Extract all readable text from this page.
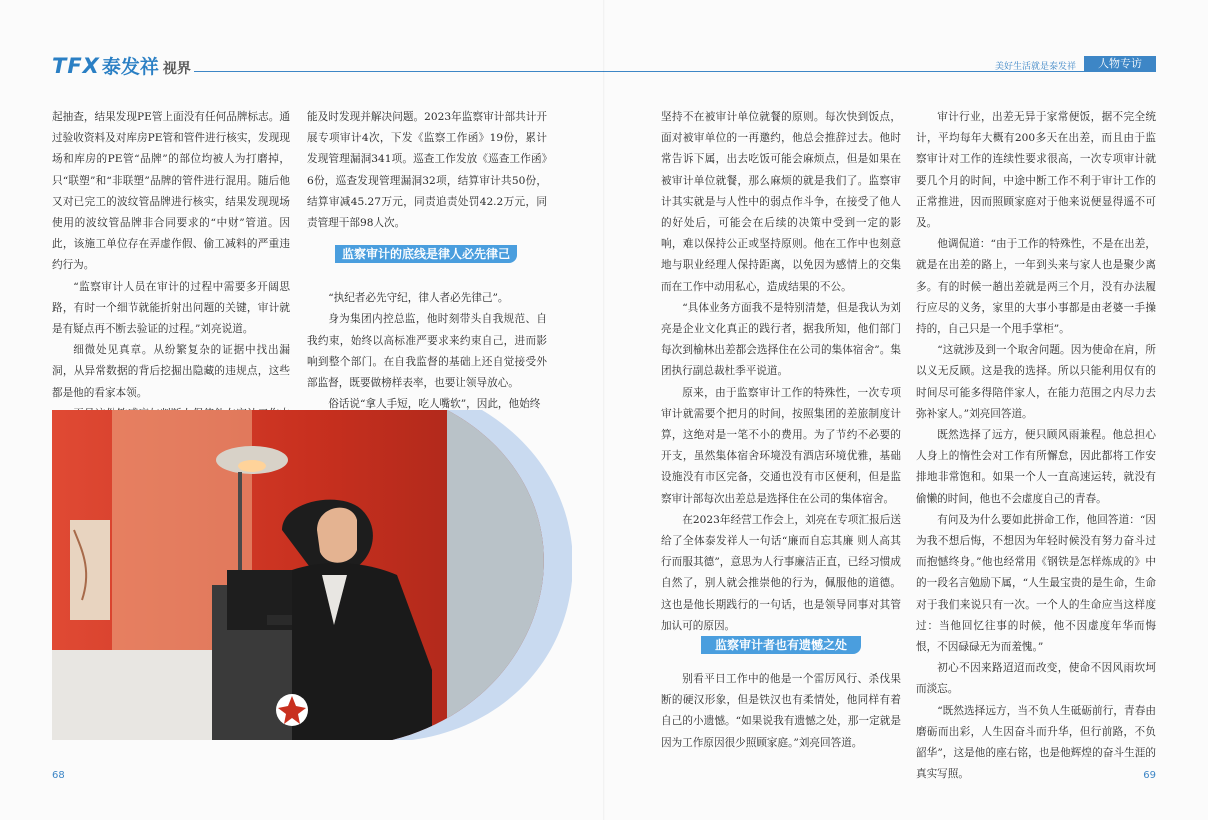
TFX 泰发祥 视界

起抽查，结果发现PE管上面没有任何品牌标志。通过验收资料及对库房PE管和管件进行核实，发现现场和库房的PE管“品牌”的部位均被人为打磨掉，只“联塑”和“非联塑”品牌的管件进行混用。随后他又对已完工的波纹管品牌进行核实，结果发现现场使用的波纹管品牌非合同要求的“中财”管道。因此，该施工单位存在弄虚作假、偷工减料的严重违约行为。

“监察审计人员在审计的过程中需要多开阔思路，有时一个细节就能折射出问题的关键，审计就是有疑点再不断去验证的过程。”刘亮说道。

细微处见真章。从纷繁复杂的证据中找出漏洞，从异常数据的背后挖掘出隐藏的违规点，这些都是他的看家本领。

能及时发现并解决问题。2023年监察审计部共计开展专项审计4次，下发《监察工作函》19份，累计发现管理漏洞341项。巡查工作发放《巡查工作函》6份，巡查发现管理漏洞32项，结算审计共50份，结算审减45.27万元，同责追责处罚42.2万元，同责管理干部98人次。

“执纪者必先守纪，律人者必先律己”。

身为集团内控总监，他时刻带头自我规范、自我约束，始终以高标准严要求来约束自己，进而影响到整个部门。在自我监督的基础上还自觉接受外部监督，既要做榜样表率，也要让领导放心。

俗话说“拿人手短，吃人嘴软”，因此，他始终

监察审计的底线是律人必先律己
68
美好生活就是泰发祥	人物专访

坚持不在被审计单位就餐的原则。每次快到饭点，面对被审单位的一再邀约，他总会推辞过去。他时常告诉下属，出去吃饭可能会麻烦点，但是如果在被审计单位就餐，那么麻烦的就是我们了。监察审计其实就是与人性中的弱点作斗争，在接受了他人的好处后，可能会在后续的决策中受到一定的影响，难以保持公正或坚持原则。他在工作中也刻意地与职业经理人保持距离，以免因为感情上的交集而在工作中动用私心，造成结果的不公。

“具体业务方面我不是特别清楚，但是我认为刘亮是企业文化真正的践行者，据我所知，他们部门每次到榆林出差都会选择住在公司的集体宿舍”。集团执行副总裁杜季平说道。

原来，由于监察审计工作的特殊性，一次专项审计就需要个把月的时间，按照集团的差旅制度计算，这绝对是一笔不小的费用。为了节约不必要的开支，虽然集体宿舍环境没有酒店环境优雅，基础设施没有市区完备，交通也没有市区便利，但是监察审计部每次出差总是选择住在公司的集体宿舍。

在2023年经营工作会上，刘亮在专项汇报后送给了全体泰发祥人一句话“廉而自忘其廉 则人高其行而服其德”，意思为人行事廉洁正直，已经习惯成自然了，别人就会推崇他的行为，佩服他的道德。这也是他长期践行的一句话，也是领导同事对其管加认可的原因。

别看平日工作中的他是一个雷厉风行、杀伐果断的硬汉形象，但是铁汉也有柔情处，他同样有着自己的小遗憾。“如果说我有遗憾之处，那一定就是因为工作原因很少照顾家庭。”刘亮回答道。

监察审计者也有遗憾之处

审计行业，出差无异于家常便饭，据不完全统计，平均每年大概有200多天在出差，而且由于监察审计对工作的连续性要求很高，一次专项审计就要几个月的时间，中途中断工作不利于审计工作的正常推进，因而照顾家庭对于他来说便显得遥不可及。

他调侃道：“由于工作的特殊性，不是在出差，就是在出差的路上，一年到头来与家人也是聚少离多。有的时候一趟出差就是两三个月，没有办法履行应尽的义务，家里的大事小事都是由老婆一手操持的，自己只是一个甩手掌柜”。

“这就涉及到一个取舍问题。因为使命在肩，所以义无反顾。这是我的选择。所以只能利用仅有的时间尽可能多得陪伴家人，在能力范围之内尽力去弥补家人。”刘亮回答道。

既然选择了远方，便只顾风雨兼程。他总担心人身上的惰性会对工作有所懈怠，因此都将工作安排地非常饱和。如果一个人一直高速运转，就没有偷懒的时间，他也不会虚度自己的青春。

有问及为什么要如此拼命工作，他回答道：“因为我不想后悔，不想因为年轻时候没有努力奋斗过而抱憾终身。”他也经常用《钢铁是怎样炼成的》中的一段名言勉励下属，“人生最宝贵的是生命，生命对于我们来说只有一次。一个人的生命应当这样度过：当他回忆往事的时候，他不因虚度年华而悔恨，不因碌碌无为而羞愧。”

初心不因来路迢迢而改变，使命不因风雨坎坷而淡忘。

“既然选择远方，当不负人生砥砺前行，青春由磨砺而出彩，人生因奋斗而升华，但行前路，不负韶华”，这是他的座右铭，也是他辉煌的奋斗生涯的真实写照。	69
